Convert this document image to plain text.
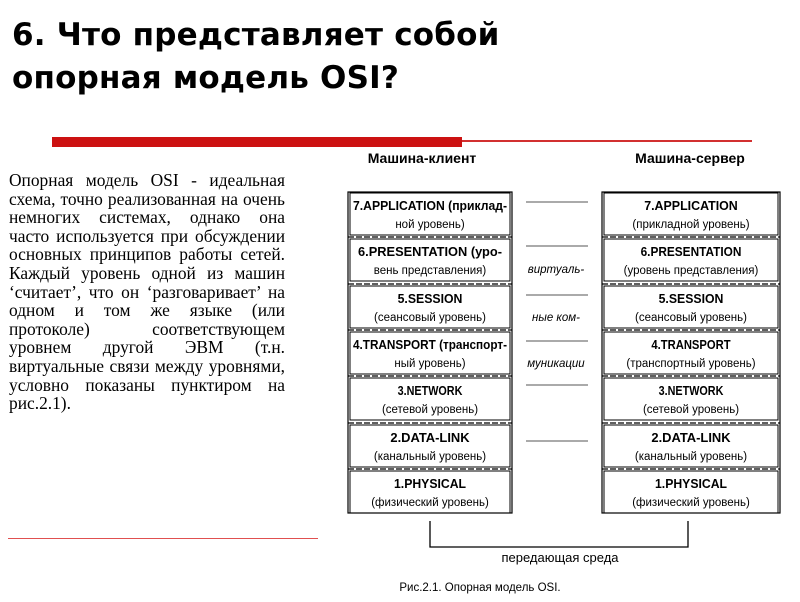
6. Что представляет собой
опорная модель OSI?

Опорная модель OSI - идеальная схема, точно реализованная на очень немногих системах, однако она часто используется при обсуждении основных принципов работы сетей. Каждый уровень одной из машин ‘считает’, что он ‘разговаривает’ на одном и том же языке (или протоколе) соответствующем уровнем другой ЭВМ (т.н. виртуальные связи между уровнями, условно показаны пунктиром на рис.2.1).

Машина-клиент	Машина-сервер
7.APPLICATION (приклад-
ной уровень)
6.PRESENTATION (уро-
вень представления)
5.SESSION
(сеансовый уровень)
4.TRANSPORT (транспорт-
ный уровень)
3.NETWORK
(сетевой уровень)
2.DATA-LINK
(канальный уровень)
1.PHYSICAL
(физический уровень)
7.APPLICATION
(прикладной уровень)
6.PRESENTATION
(уровень представления)
5.SESSION
(сеансовый уровень)
4.TRANSPORT
(транспортный уровень)
3.NETWORK
(сетевой уровень)
2.DATA-LINK
(канальный уровень)
1.PHYSICAL
(физический уровень)
виртуаль-
ные ком-
муникации
передающая среда
Рис.2.1. Опорная модель OSI.
